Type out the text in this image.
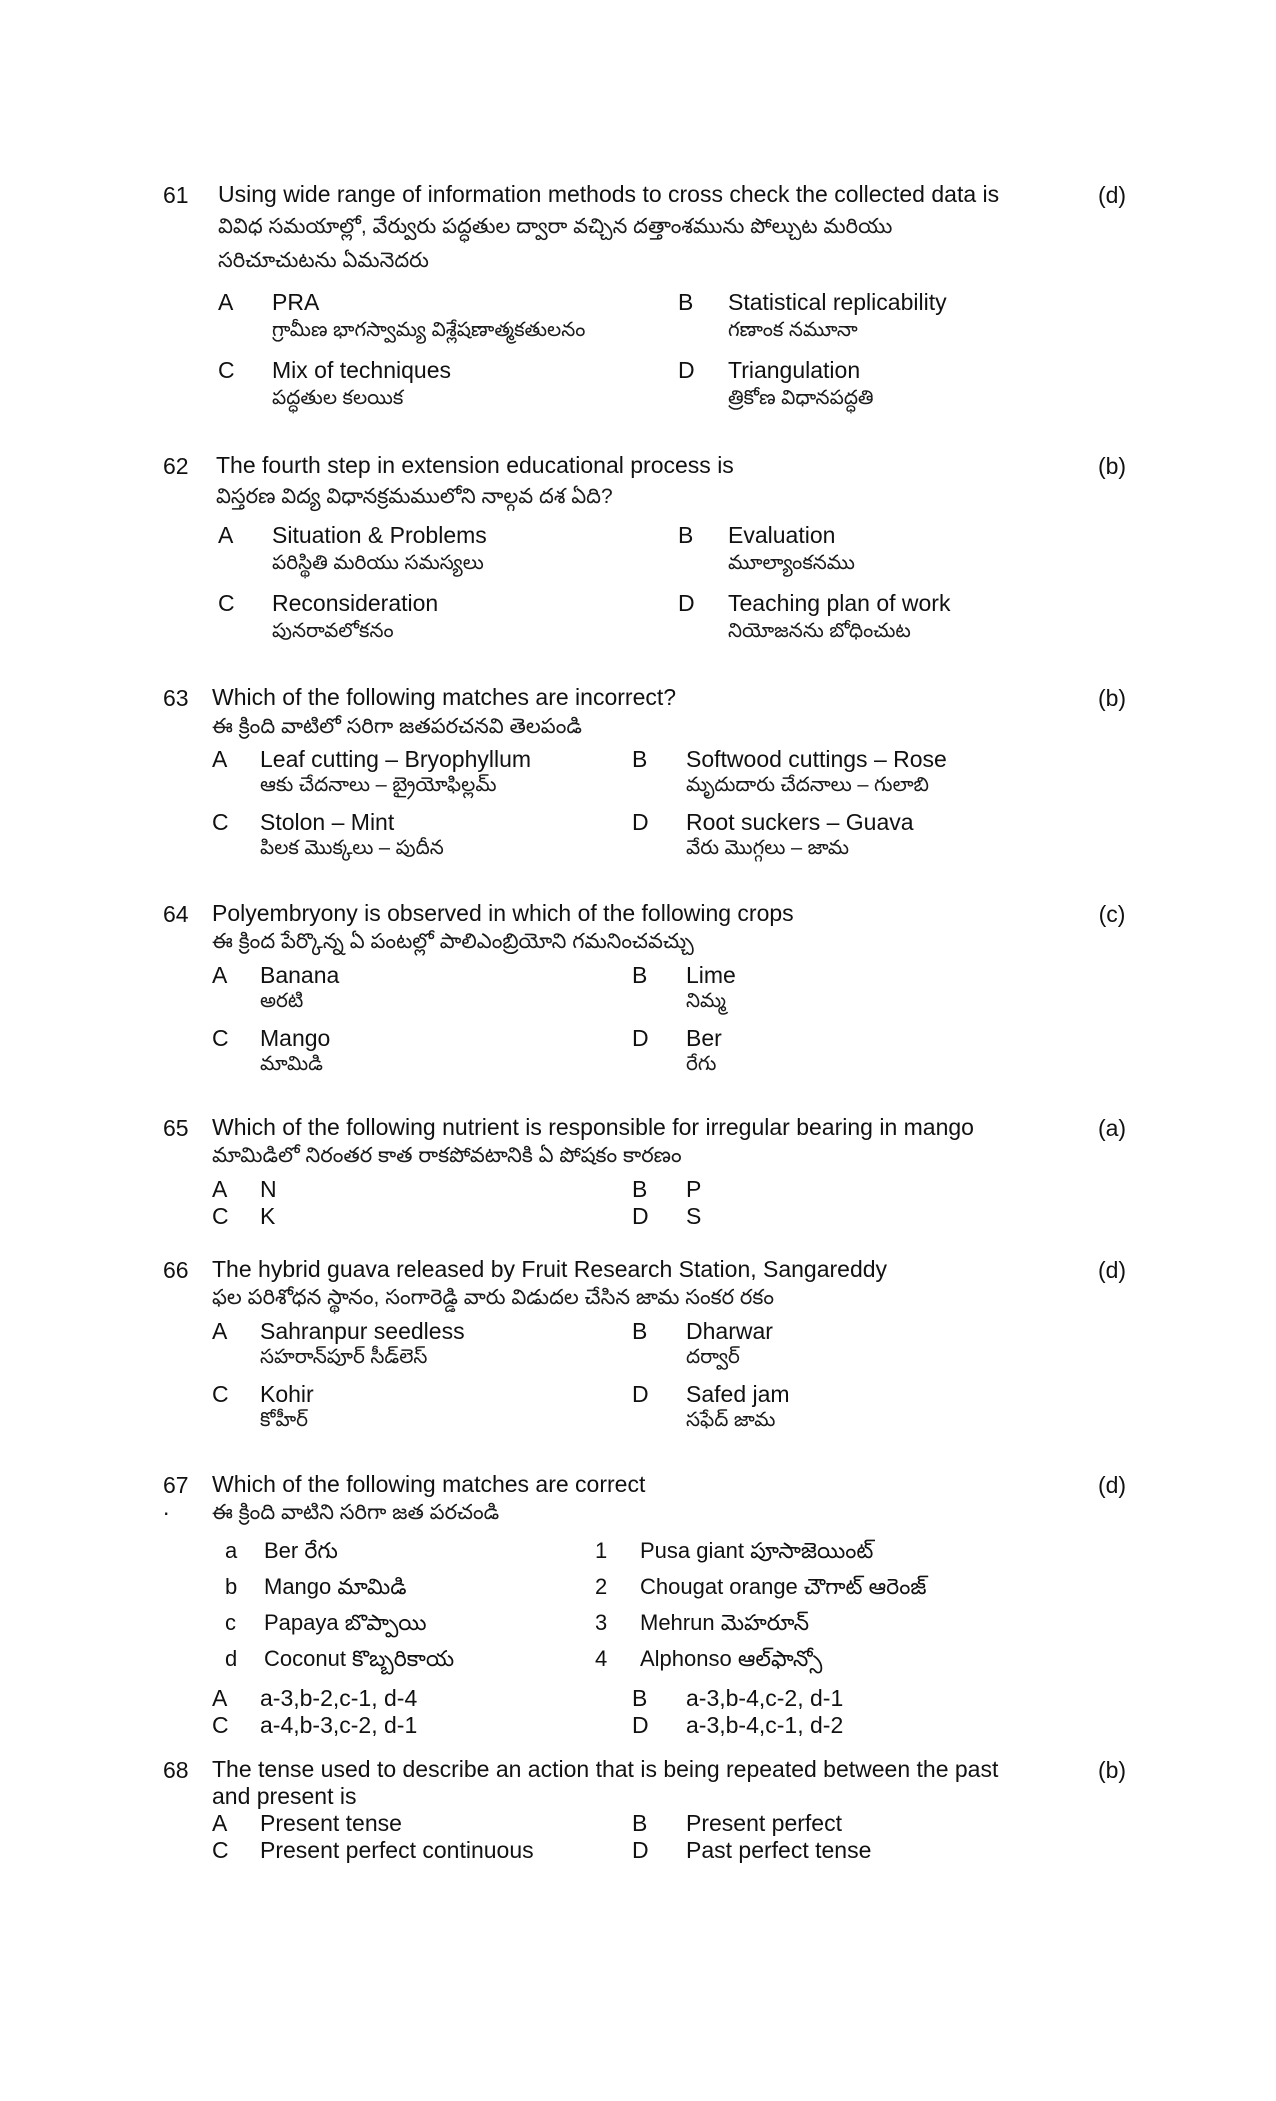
61 Using wide range of information methods to cross check the collected data is
వివిధ సమయాల్లో, వేర్వురు పద్ధతుల ద్వారా వచ్చిన దత్తాంశమును పోల్చుట మరియు
సరిచూచుటను ఏమనెదరు
(d)
A PRA
గ్రామీణ భాగస్వామ్య విశ్లేషణాత్మకతులనం
B Statistical replicability
గణాంక నమూనా
C Mix of techniques
పద్ధతుల కలయిక
D Triangulation
త్రికోణ విధానపద్ధతి
62 The fourth step in extension educational process is
విస్తరణ విద్య విధానక్రమములోని నాల్గవ దశ ఏది?
(b)
A Situation & Problems
పరిస్థితి మరియు సమస్యలు
B Evaluation
మూల్యాంకనము
C Reconsideration
పునరావలోకనం
D Teaching plan of work
నియోజనను బోధించుట
63 Which of the following matches are incorrect?
ఈ క్రింది వాటిలో సరిగా జతపరచనవి తెలపండి
(b)
A Leaf cutting – Bryophyllum
ఆకు చేదనాలు – బ్రైయోఫిల్లమ్
B Softwood cuttings – Rose
మృదుదారు చేదనాలు – గులాబి
C Stolon – Mint
పిలక మొక్కలు – పుదీన
D Root suckers – Guava
వేరు మొగ్గలు – జామ
64 Polyembryony is observed in which of the following crops
ఈ క్రింద పేర్కొన్న ఏ పంటల్లో పాలిఎంబ్రియోని గమనించవచ్చు
(c)
A Banana
అరటి
B Lime
నిమ్మ
C Mango
మామిడి
D Ber
రేగు
65 Which of the following nutrient is responsible for irregular bearing in mango
మామిడిలో నిరంతర కాత రాకపోవటానికి ఏ పోషకం కారణం
(a)
A N	B P
C K	D S
66 The hybrid guava released by Fruit Research Station, Sangareddy
ఫల పరిశోధన స్థానం, సంగారెడ్డి వారు విడుదల చేసిన జామ సంకర రకం
(d)
A Sahranpur seedless
సహరాన్‌పూర్ సీడ్‌లెస్
B Dharwar
దర్వార్
C Kohir
కోహీర్
D Safed jam
సఫేద్ జామ
67
.
Which of the following matches are correct
ఈ క్రింది వాటిని సరిగా జత పరచండి
(d)
a Ber రేగు	1 Pusa giant పూసాజెయింట్
b Mango మామిడి	2 Chougat orange చౌగాట్ ఆరెంజ్
c Papaya బొప్పాయి	3 Mehrun మెహరూన్
d Coconut కొబ్బరికాయ	4 Alphonso ఆల్‌ఫాన్సో
A a-3,b-2,c-1, d-4	B a-3,b-4,c-2, d-1
C a-4,b-3,c-2, d-1	D a-3,b-4,c-1, d-2
68 The tense used to describe an action that is being repeated between the past
and present is
(b)
A Present tense	B Present perfect
C Present perfect continuous	D Past perfect tense
